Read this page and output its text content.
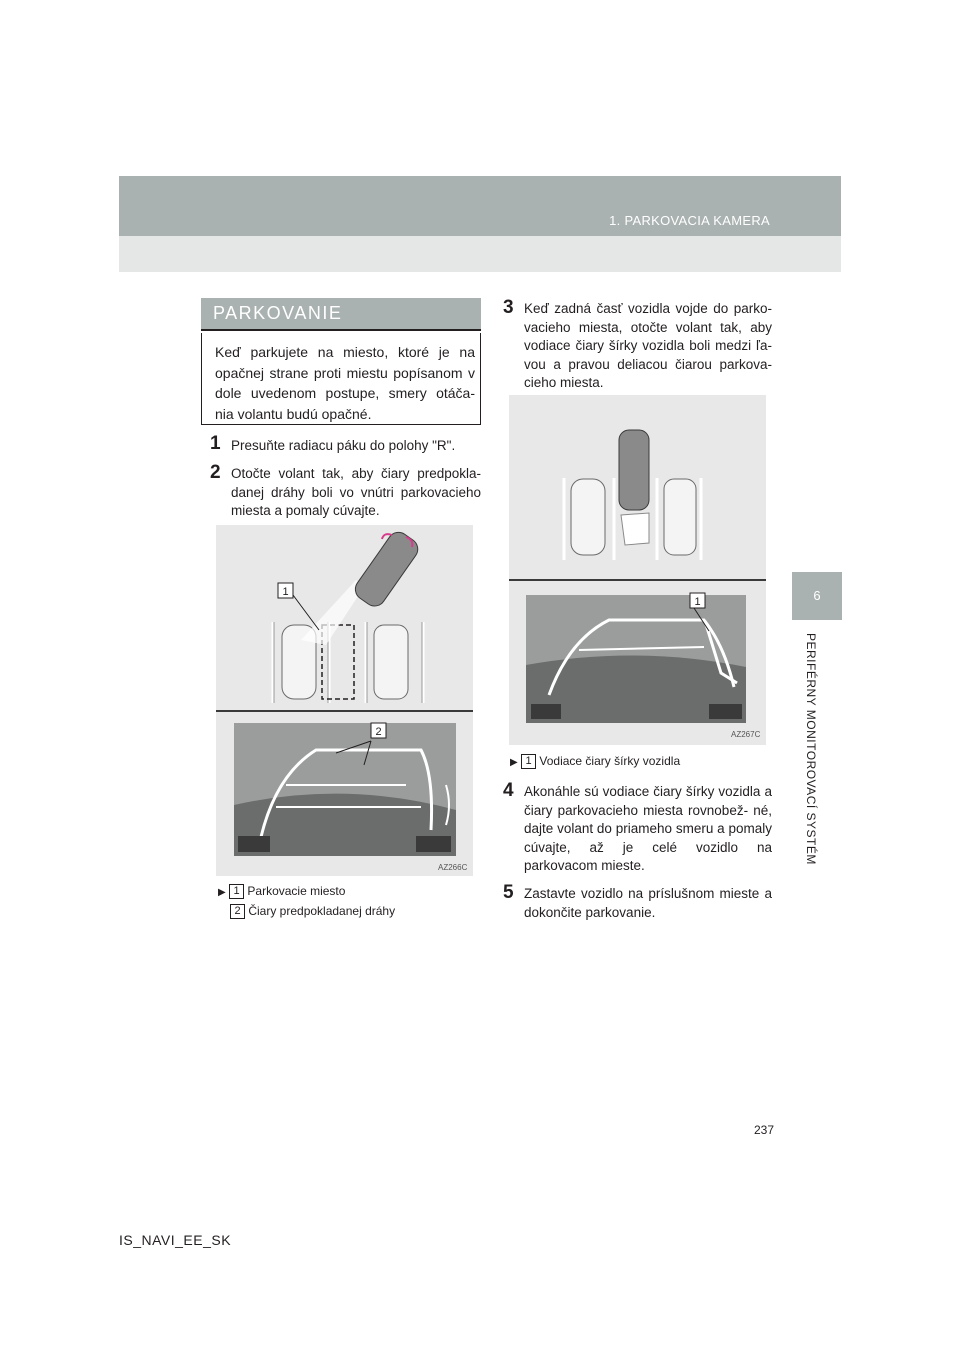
1. PARKOVACIA KAMERA
6
PERIFÉRNY MONITOROVACÍ SYSTÉM
PARKOVANIE
Keď parkujete na miesto, ktoré je na opačnej strane proti miestu popísanom v dole uvedenom postupe, smery otáča- nia volantu budú opačné.
1 Presuňte radiacu páku do polohy "R".
2 Otočte volant tak, aby čiary predpokla- danej dráhy boli vo vnútri parkovacieho miesta a pomaly cúvajte.
1
2
AZ266C
▶ 1 Parkovacie miesto
2 Čiary predpokladanej dráhy
3 Keď zadná časť vozidla vojde do parko- vacieho miesta, otočte volant tak, aby vodiace čiary šírky vozidla boli medzi ľa- vou a pravou deliacou čiarou parkova- cieho miesta.
1
AZ267C
▶ 1 Vodiace čiary šírky vozidla
4 Akonáhle sú vodiace čiary šírky vozidla a čiary parkovacieho miesta rovnobež- né, dajte volant do priameho smeru a pomaly cúvajte, až je celé vozidlo na parkovacom mieste.
5 Zastavte vozidlo na príslušnom mieste a dokončite parkovanie.
237
IS_NAVI_EE_SK
